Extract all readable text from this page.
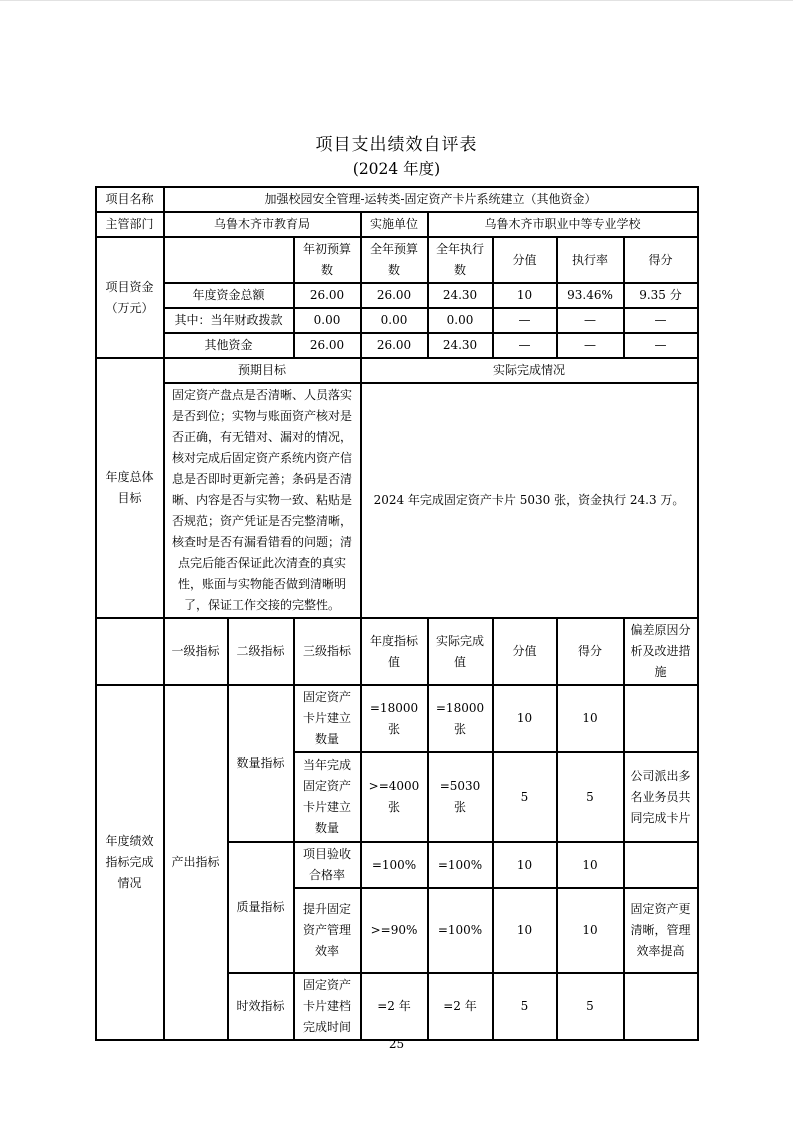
项目支出绩效自评表
(2024 年度)
项目名称	加强校园安全管理-运转类-固定资产卡片系统建立（其他资金）							
主管部门	乌鲁木齐市教育局			实施单位	乌鲁木齐市职业中等专业学校			
项目资金（万元）			年初预算数	全年预算数	全年执行数	分值	执行率	得分
	年度资金总额		26.00	26.00	24.30	10	93.46%	9.35 分
	其中：当年财政拨款		0.00	0.00	0.00	—	—	—
	其他资金		26.00	26.00	24.30	—	—	—
年度总体目标	预期目标			实际完成情况				
	固定资产盘点是否清晰、人员落实是否到位；实物与账面资产核对是否正确，有无错对、漏对的情况，核对完成后固定资产系统内资产信息是否即时更新完善；条码是否清晰、内容是否与实物一致、粘贴是否规范；资产凭证是否完整清晰，核查时是否有漏看错看的问题；清点完后能否保证此次清查的真实性，账面与实物能否做到清晰明了，保证工作交接的完整性。			2024 年完成固定资产卡片 5030 张，资金执行 24.3 万。				
	一级指标	二级指标	三级指标	年度指标值	实际完成值	分值	得分	偏差原因分析及改进措施
年度绩效指标完成情况	产出指标	数量指标	固定资产卡片建立数量	=18000 张	=18000 张	10	10	
			当年完成固定资产卡片建立数量	>=4000 张	=5030 张	5	5	公司派出多名业务员共同完成卡片
		质量指标	项目验收合格率	=100%	=100%	10	10	
			提升固定资产管理效率	>=90%	=100%	10	10	固定资产更清晰，管理效率提高
		时效指标	固定资产卡片建档完成时间	=2 年	=2 年	5	5	
25
